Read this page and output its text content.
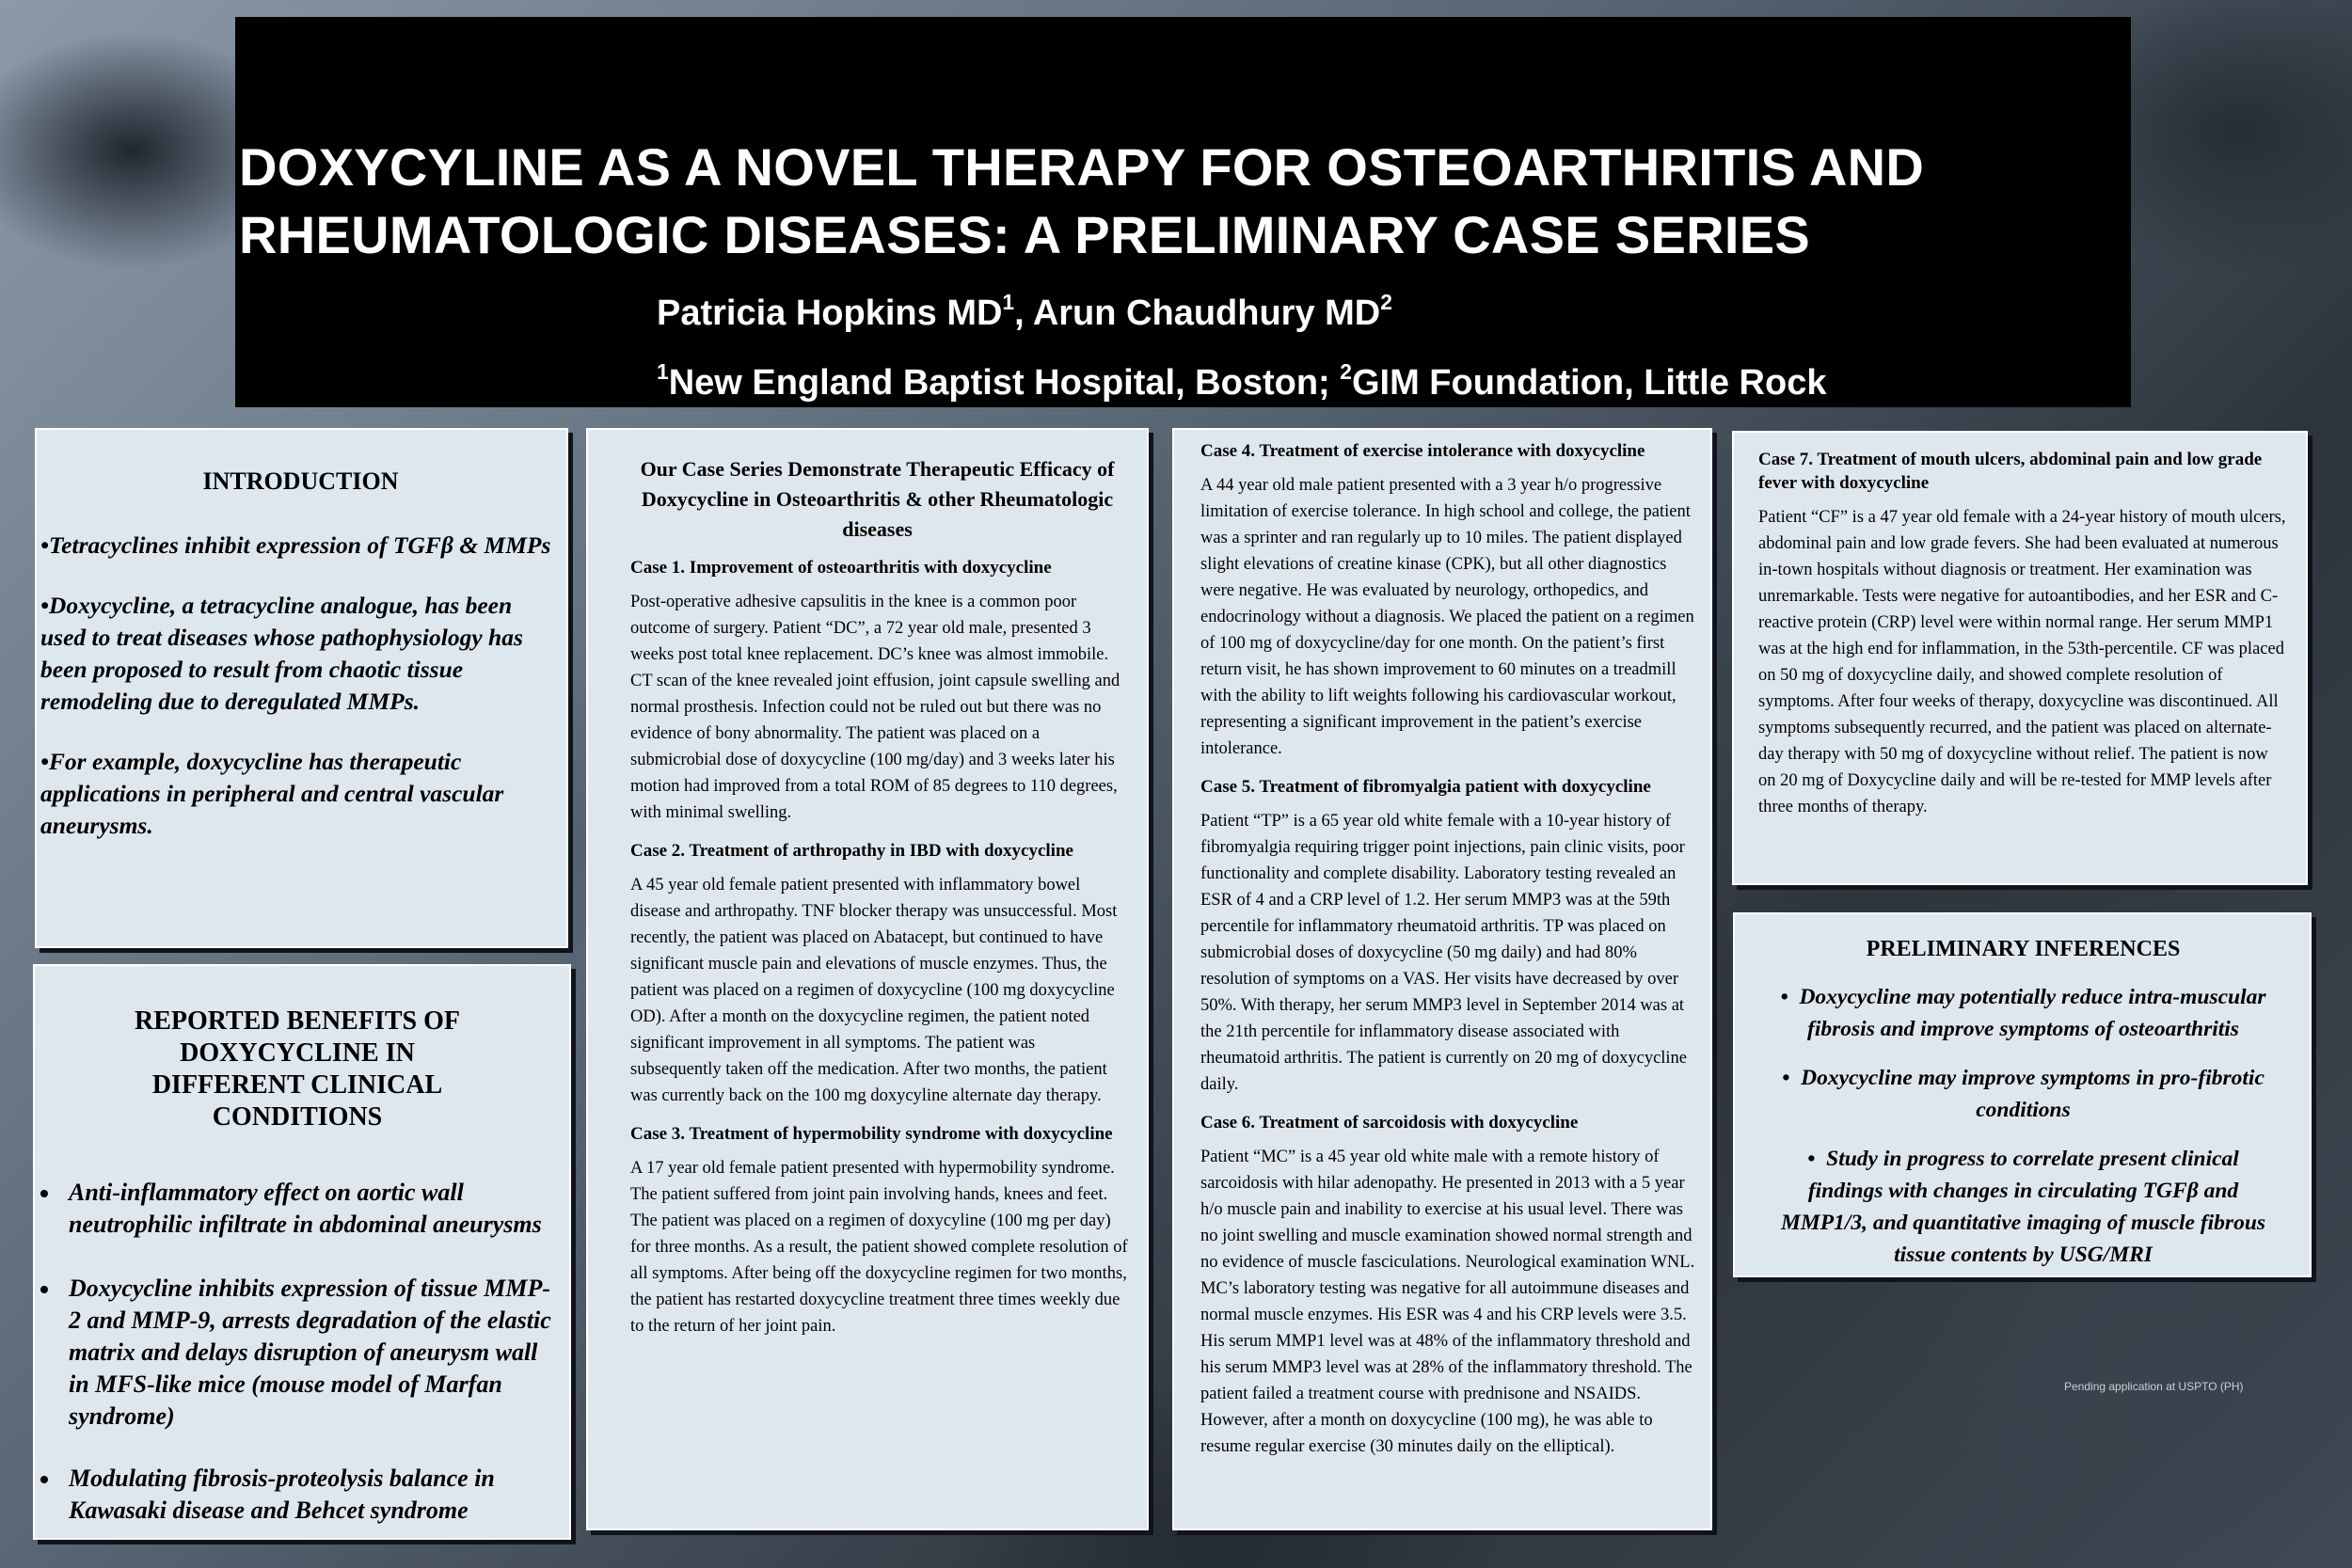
DOXYCYLINE AS A NOVEL THERAPY FOR OSTEOARTHRITIS AND
RHEUMATOLOGIC DISEASES: A PRELIMINARY CASE SERIES
Patricia Hopkins $MD^1$, Arun Chaudhury $MD^2$
$^1$New England Baptist Hospital, Boston; $^2$GIM Foundation, Little Rock
INTRODUCTION

•Tetracyclines inhibit expression of TGFβ & MMPs

•Doxycycline, a tetracycline analogue, has been used to treat diseases whose pathophysiology has been proposed to result from chaotic tissue remodeling due to deregulated MMPs.

•For example, doxycycline has therapeutic applications in peripheral and central vascular aneurysms.

REPORTED BENEFITS OF DOXYCYCLINE IN DIFFERENT CLINICAL CONDITIONS
• Anti-inflammatory effect on aortic wall neutrophilic infiltrate in abdominal aneurysms
• Doxycycline inhibits expression of tissue MMP-2 and MMP-9, arrests degradation of the elastic matrix and delays disruption of aneurysm wall in MFS-like mice (mouse model of Marfan syndrome)
• Modulating fibrosis-proteolysis balance in Kawasaki disease and Behcet syndrome
Our Case Series Demonstrate Therapeutic Efficacy of Doxycycline in Osteoarthritis & other Rheumatologic diseases
Case 1. Improvement of osteoarthritis with doxycycline
Post-operative adhesive capsulitis in the knee is a common poor outcome of surgery. Patient “DC”, a 72 year old male, presented 3 weeks post total knee replacement. DC’s knee was almost immobile. CT scan of the knee revealed joint effusion, joint capsule swelling and normal prosthesis. Infection could not be ruled out but there was no evidence of bony abnormality. The patient was placed on a submicrobial dose of doxycycline (100 mg/day) and 3 weeks later his motion had improved from a total ROM of 85 degrees to 110 degrees, with minimal swelling.
Case 2. Treatment of arthropathy in IBD with doxycycline
A 45 year old female patient presented with inflammatory bowel disease and arthropathy. TNF blocker therapy was unsuccessful. Most recently, the patient was placed on Abatacept, but continued to have significant muscle pain and elevations of muscle enzymes. Thus, the patient was placed on a regimen of doxycycline (100 mg doxycycline OD). After a month on the doxycycline regimen, the patient noted significant improvement in all symptoms. The patient was subsequently taken off the medication. After two months, the patient was currently back on the 100 mg doxycyline alternate day therapy.
Case 3. Treatment of hypermobility syndrome with doxycycline
A 17 year old female patient presented with hypermobility syndrome. The patient suffered from joint pain involving hands, knees and feet. The patient was placed on a regimen of doxycyline (100 mg per day) for three months. As a result, the patient showed complete resolution of all symptoms. After being off the doxycycline regimen for two months, the patient has restarted doxycycline treatment three times weekly due to the return of her joint pain.
Case 4. Treatment of exercise intolerance with doxycycline
A 44 year old male patient presented with a 3 year h/o progressive limitation of exercise tolerance. In high school and college, the patient was a sprinter and ran regularly up to 10 miles. The patient displayed slight elevations of creatine kinase (CPK), but all other diagnostics were negative. He was evaluated by neurology, orthopedics, and endocrinology without a diagnosis. We placed the patient on a regimen of 100 mg of doxycycline/day for one month. On the patient’s first return visit, he has shown improvement to 60 minutes on a treadmill with the ability to lift weights following his cardiovascular workout, representing a significant improvement in the patient’s exercise intolerance.
Case 5. Treatment of fibromyalgia patient with doxycycline
Patient “TP” is a 65 year old white female with a 10-year history of fibromyalgia requiring trigger point injections, pain clinic visits, poor functionality and complete disability. Laboratory testing revealed an ESR of 4 and a CRP level of 1.2. Her serum MMP3 was at the 59th percentile for inflammatory rheumatoid arthritis. TP was placed on submicrobial doses of doxycycline (50 mg daily) and had 80% resolution of symptoms on a VAS. Her visits have decreased by over 50%. With therapy, her serum MMP3 level in September 2014 was at the 21th percentile for inflammatory disease associated with rheumatoid arthritis. The patient is currently on 20 mg of doxycycline daily.
Case 6. Treatment of sarcoidosis with doxycycline
Patient “MC” is a 45 year old white male with a remote history of sarcoidosis with hilar adenopathy. He presented in 2013 with a 5 year h/o muscle pain and inability to exercise at his usual level. There was no joint swelling and muscle examination showed normal strength and no evidence of muscle fasciculations. Neurological examination WNL. MC’s laboratory testing was negative for all autoimmune diseases and normal muscle enzymes. His ESR was 4 and his CRP levels were 3.5. His serum MMP1 level was at 48% of the inflammatory threshold and his serum MMP3 level was at 28% of the inflammatory threshold. The patient failed a treatment course with prednisone and NSAIDS. However, after a month on doxycycline (100 mg), he was able to resume regular exercise (30 minutes daily on the elliptical).
Case 7. Treatment of mouth ulcers, abdominal pain and low grade fever with doxycycline
Patient “CF” is a 47 year old female with a 24-year history of mouth ulcers, abdominal pain and low grade fevers. She had been evaluated at numerous in-town hospitals without diagnosis or treatment. Her examination was unremarkable. Tests were negative for autoantibodies, and her ESR and C-reactive protein (CRP) level were within normal range. Her serum MMP1 was at the high end for inflammation, in the 53th-percentile. CF was placed on 50 mg of doxycycline daily, and showed complete resolution of symptoms. After four weeks of therapy, doxycycline was discontinued. All symptoms subsequently recurred, and the patient was placed on alternate-day therapy with 50 mg of doxycycline without relief. The patient is now on 20 mg of Doxycycline daily and will be re-tested for MMP levels after three months of therapy.
PRELIMINARY INFERENCES

•  Doxycycline may potentially reduce intra-muscular fibrosis and improve symptoms of osteoarthritis

•  Doxycycline may improve symptoms in pro-fibrotic conditions

•  Study in progress to correlate present clinical findings with changes in circulating TGFβ and MMP1/3, and quantitative imaging of muscle fibrous tissue contents by USG/MRI

Pending application at USPTO (PH)
